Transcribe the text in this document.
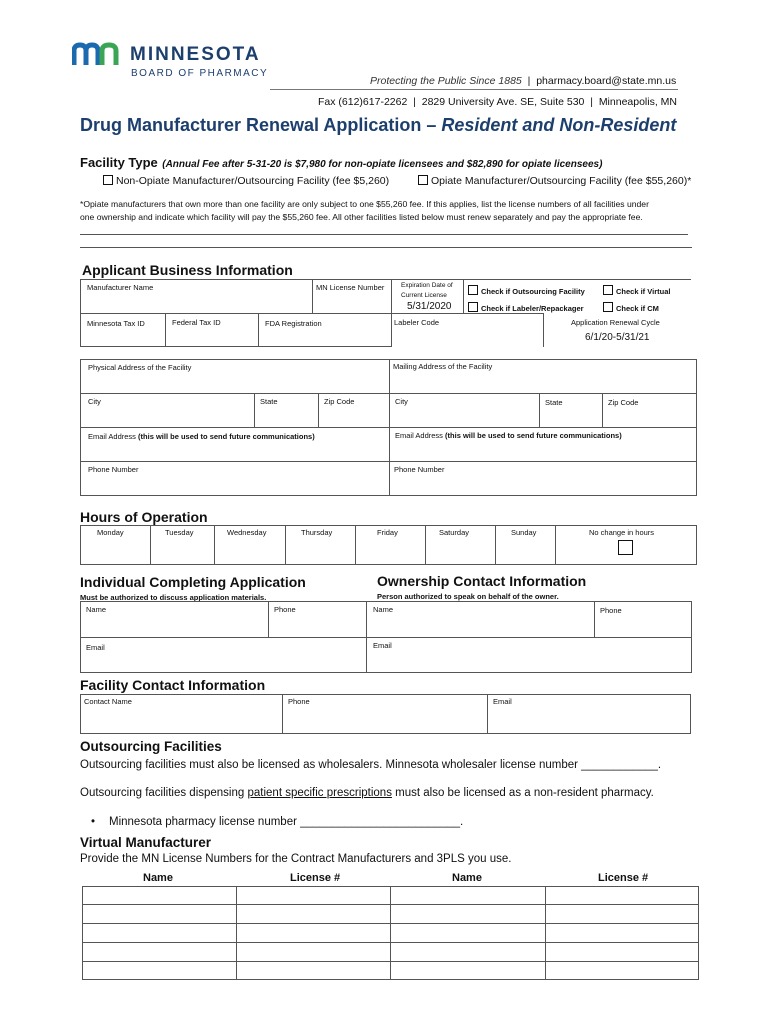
MINNESOTA
BOARD OF PHARMACY
Protecting the Public Since 1885 | pharmacy.board@state.mn.us
Fax (612)617-2262 | 2829 University Ave. SE, Suite 530 | Minneapolis, MN
Drug Manufacturer Renewal Application – Resident and Non-Resident
Facility Type (Annual Fee after 5-31-20 is $7,980 for non-opiate licensees and $82,890 for opiate licensees)
Non-Opiate Manufacturer/Outsourcing Facility (fee $5,260)	Opiate Manufacturer/Outsourcing Facility (fee $55,260)*
*Opiate manufacturers that own more than one facility are only subject to one $55,260 fee. If this applies, list the license numbers of all facilities under
one ownership and indicate which facility will pay the $55,260 fee. All other facilities listed below must renew separately and pay the appropriate fee.
Applicant Business Information
Manufacturer Name	MN License Number	Expiration Date of
Current License
5/31/2020
Check if Outsourcing Facility	Check if Virtual
Check if Labeler/Repackager	Check if CM
Minnesota Tax ID	Federal Tax ID	FDA Registration	Labeler Code	Application Renewal Cycle
6/1/20-5/31/21
Physical Address of the Facility	Mailing Address of the Facility
City	State	Zip Code	City	State	Zip Code
Email Address (this will be used to send future communications)	Email Address (this will be used to send future communications)
Phone Number	Phone Number
Hours of Operation
Monday	Tuesday	Wednesday	Thursday	Friday	Saturday	Sunday	No change in hours
Individual Completing Application
Must be authorized to discuss application materials.
Ownership Contact Information
Person authorized to speak on behalf of the owner.
Name	Phone
Email
Name	Phone
Email
Facility Contact Information
Contact Name	Phone	Email
Outsourcing Facilities
Outsourcing facilities must also be licensed as wholesalers. Minnesota wholesaler license number ____________.
Outsourcing facilities dispensing patient specific prescriptions must also be licensed as a non-resident pharmacy.
• Minnesota pharmacy license number _________________________.
Virtual Manufacturer
Provide the MN License Numbers for the Contract Manufacturers and 3PLS you use.
Name	License #	Name	License #
